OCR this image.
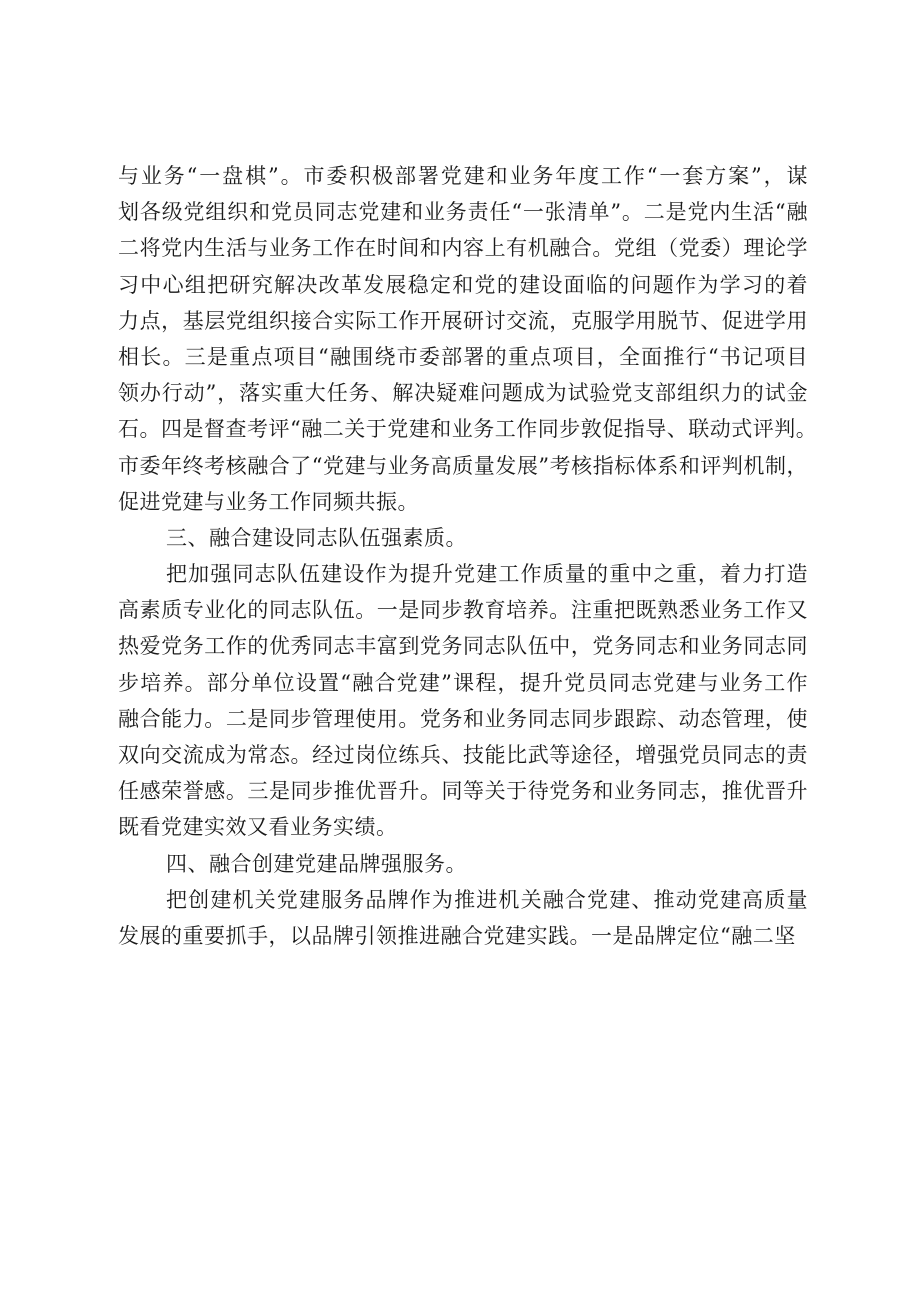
与业务“一盘棋”。市委积极部署党建和业务年度工作“一套方案”，谋
划各级党组织和党员同志党建和业务责任“一张清单”。二是党内生活“融
二将党内生活与业务工作在时间和内容上有机融合。党组（党委）理论学
习中心组把研究解决改革发展稳定和党的建设面临的问题作为学习的着
力点，基层党组织接合实际工作开展研讨交流，克服学用脱节、促进学用
相长。三是重点项目“融围绕市委部署的重点项目，全面推行“书记项目
领办行动”，落实重大任务、解决疑难问题成为试验党支部组织力的试金
石。四是督查考评“融二关于党建和业务工作同步敦促指导、联动式评判。
市委年终考核融合了“党建与业务高质量发展”考核指标体系和评判机制，
促进党建与业务工作同频共振。
三、融合建设同志队伍强素质。
把加强同志队伍建设作为提升党建工作质量的重中之重，着力打造
高素质专业化的同志队伍。一是同步教育培养。注重把既熟悉业务工作又
热爱党务工作的优秀同志丰富到党务同志队伍中，党务同志和业务同志同
步培养。部分单位设置“融合党建”课程，提升党员同志党建与业务工作
融合能力。二是同步管理使用。党务和业务同志同步跟踪、动态管理，使
双向交流成为常态。经过岗位练兵、技能比武等途径，增强党员同志的责
任感荣誉感。三是同步推优晋升。同等关于待党务和业务同志，推优晋升
既看党建实效又看业务实绩。
四、融合创建党建品牌强服务。
把创建机关党建服务品牌作为推进机关融合党建、推动党建高质量
发展的重要抓手，以品牌引领推进融合党建实践。一是品牌定位“融二坚
